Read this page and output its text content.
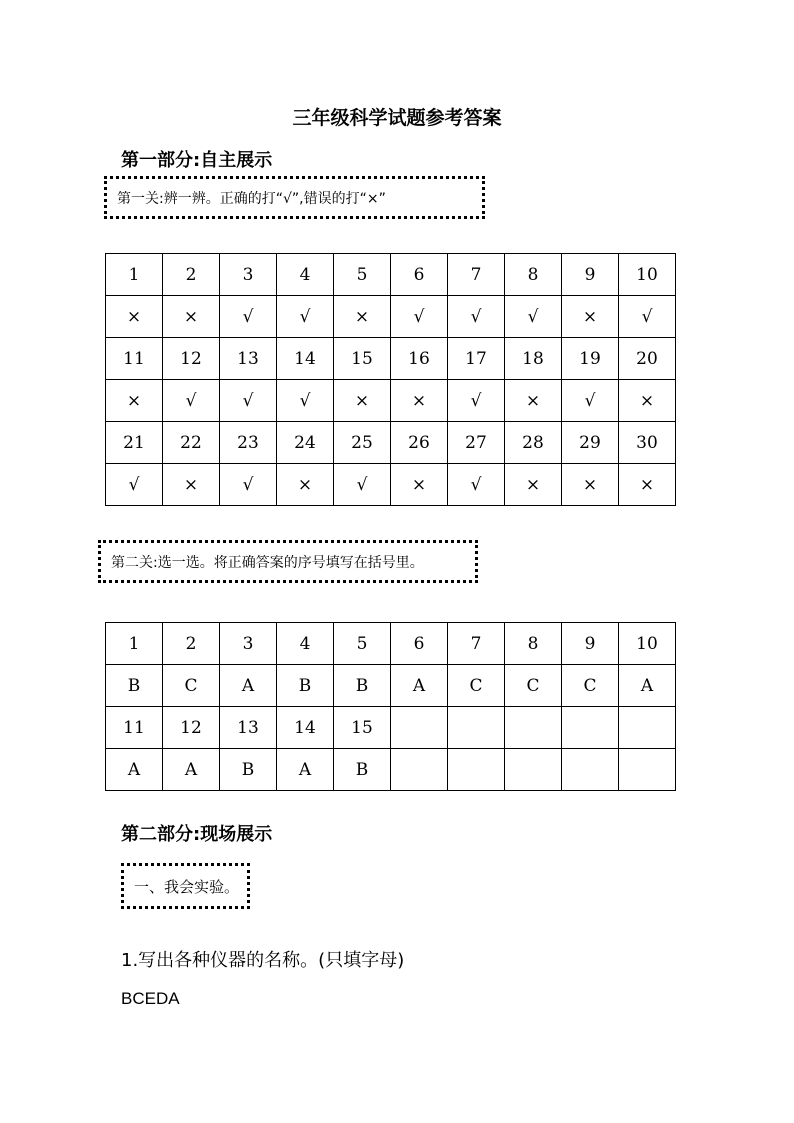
三年级科学试题参考答案
第一部分:自主展示
第一关:辨一辨。正确的打“√”,错误的打“×”
1	2	3	4	5	6	7	8	9	10
×	×	√	√	×	√	√	√	×	√
11	12	13	14	15	16	17	18	19	20
×	√	√	√	×	×	√	×	√	×
21	22	23	24	25	26	27	28	29	30
√	×	√	×	√	×	√	×	×	×
第二关:选一选。将正确答案的序号填写在括号里。
1	2	3	4	5	6	7	8	9	10
B	C	A	B	B	A	C	C	C	A
11	12	13	14	15					
A	A	B	A	B					
第二部分:现场展示
一、我会实验。
1.写出各种仪器的名称。(只填字母)
BCEDA
